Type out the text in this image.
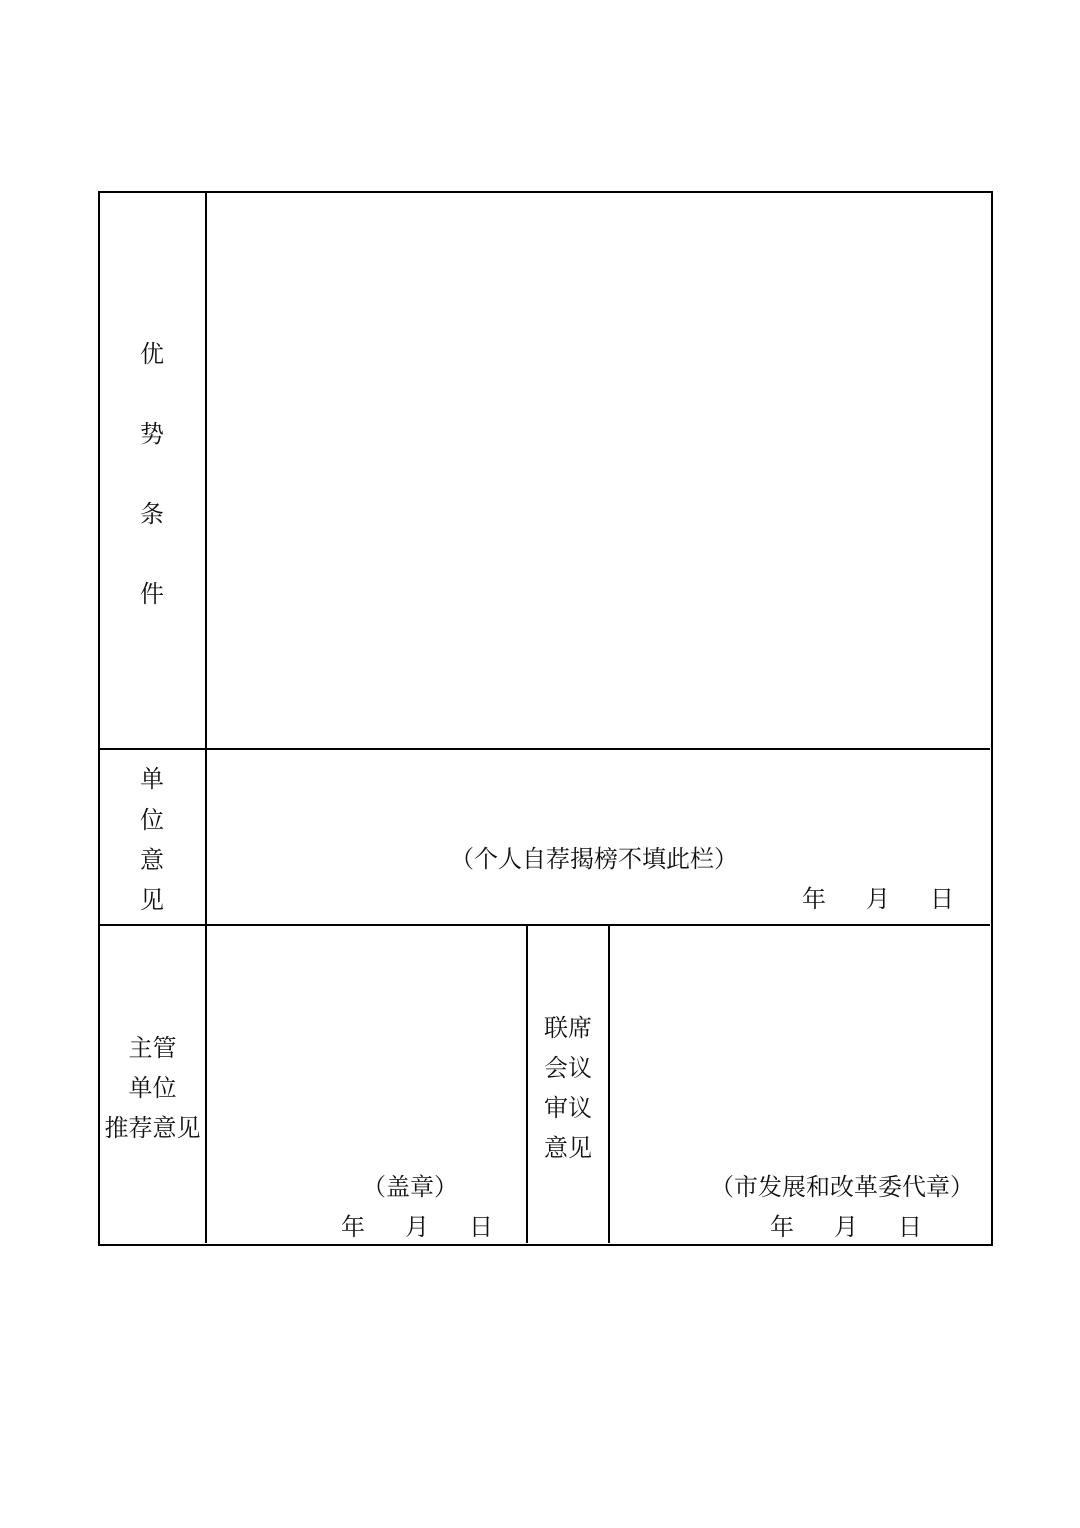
优
势
条
件
单
位
意
见
（个人自荐揭榜不填此栏）
年 月 日
主管
单位
推荐意见
（盖章）
年 月 日
联席
会议
审议
意见
（市发展和改革委代章）
年 月 日
